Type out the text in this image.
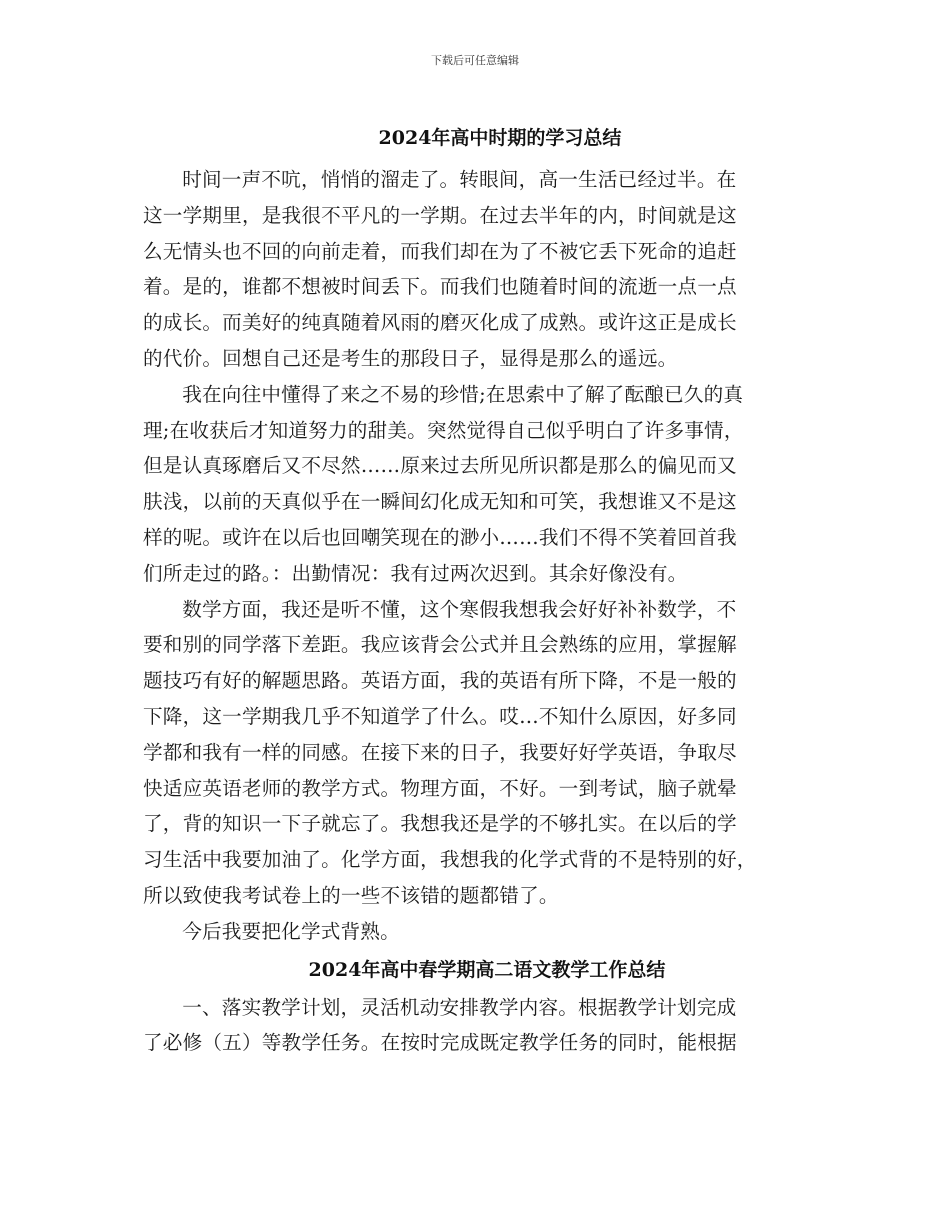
下载后可任意编辑
2024年高中时期的学习总结

时间一声不吭，悄悄的溜走了。转眼间，高一生活已经过半。在
这一学期里，是我很不平凡的一学期。在过去半年的内，时间就是这
么无情头也不回的向前走着，而我们却在为了不被它丢下死命的追赶
着。是的，谁都不想被时间丢下。而我们也随着时间的流逝一点一点
的成长。而美好的纯真随着风雨的磨灭化成了成熟。或许这正是成长
的代价。回想自己还是考生的那段日子，显得是那么的遥远。

我在向往中懂得了来之不易的珍惜;在思索中了解了酝酿已久的真
理;在收获后才知道努力的甜美。突然觉得自己似乎明白了许多事情，
但是认真琢磨后又不尽然……原来过去所见所识都是那么的偏见而又
肤浅，以前的天真似乎在一瞬间幻化成无知和可笑，我想谁又不是这
样的呢。或许在以后也回嘲笑现在的渺小……我们不得不笑着回首我
们所走过的路。：出勤情况：我有过两次迟到。其余好像没有。

数学方面，我还是听不懂，这个寒假我想我会好好补补数学，不
要和别的同学落下差距。我应该背会公式并且会熟练的应用，掌握解
题技巧有好的解题思路。英语方面，我的英语有所下降，不是一般的
下降，这一学期我几乎不知道学了什么。哎…不知什么原因，好多同
学都和我有一样的同感。在接下来的日子，我要好好学英语，争取尽
快适应英语老师的教学方式。物理方面，不好。一到考试，脑子就晕
了，背的知识一下子就忘了。我想我还是学的不够扎实。在以后的学
习生活中我要加油了。化学方面，我想我的化学式背的不是特别的好，
所以致使我考试卷上的一些不该错的题都错了。

今后我要把化学式背熟。

2024年高中春学期高二语文教学工作总结

一、落实教学计划，灵活机动安排教学内容。根据教学计划完成
了必修（五）等教学任务。在按时完成既定教学任务的同时，能根据
